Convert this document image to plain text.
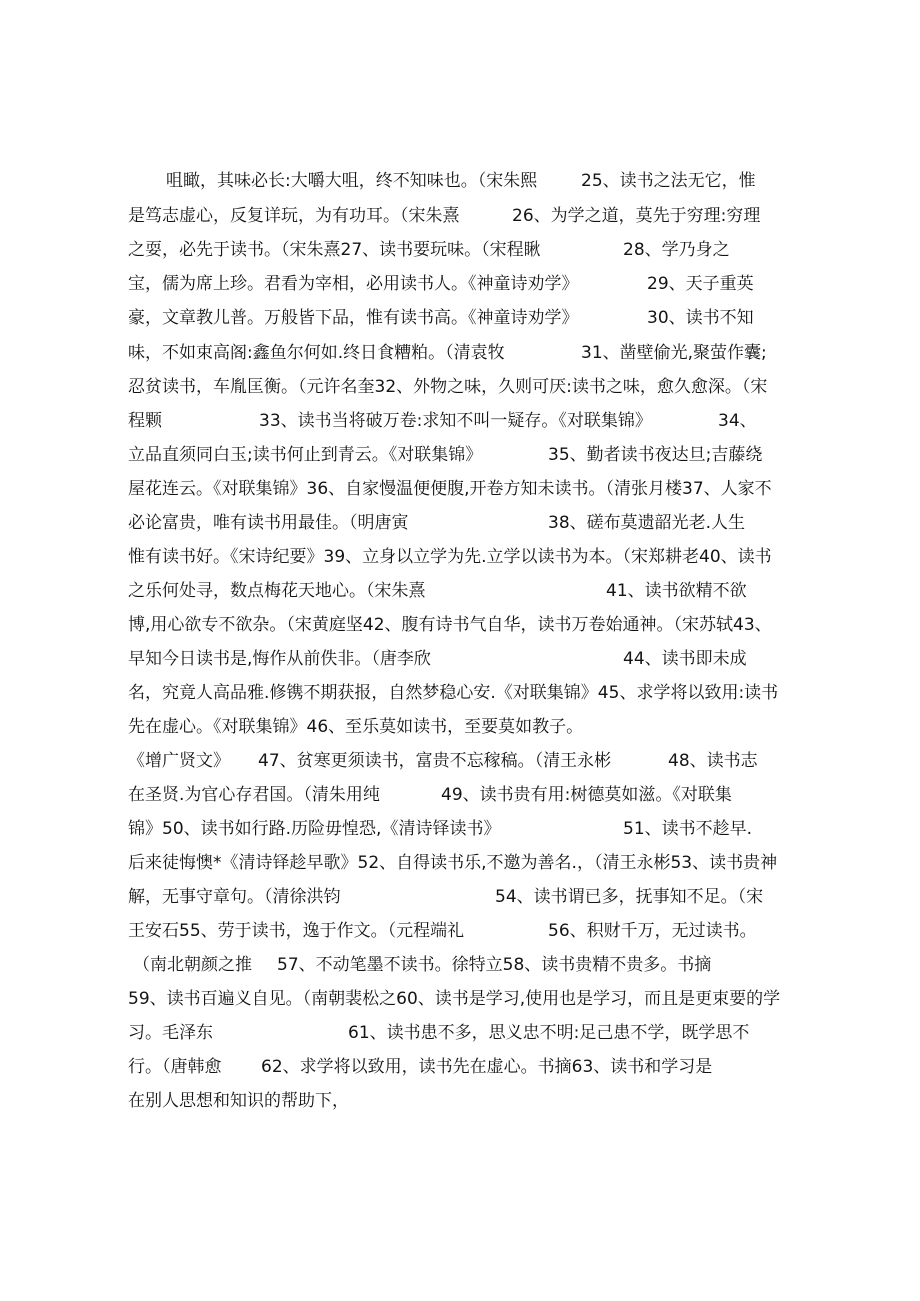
咀瞰，其味必长:大嚼大咀，终不知味也。（宋朱熙

	25、读书之法无它，惟

是笃志虚心，反复详玩，为有功耳。（宋朱熹

	26、为学之道，莫先于穷理:穷理

之耍，必先于读书。（宋朱熹27、读书要玩味。（宋程瞅

	28、学乃身之

宝，儒为席上珍。君看为宰相，必用读书人。《神童诗劝学》

	29、天子重英

豪，文章教儿普。万般皆下品，惟有读书高。《神童诗劝学》

	30、读书不知

味，不如束高阁:鑫鱼尔何如.终日食糟粕。（清袁牧

	31、凿壁偷光,聚萤作囊;

忍贫读书，车胤匡衡。（元许名奎32、外物之味，久则可厌:读书之味，愈久愈深。（宋

程颗

	33、读书当将破万卷:求知不叫一疑存。《对联集锦》

	34、

立品直须同白玉;读书何止到青云。《对联集锦》

	35、勤者读书夜达旦;吉藤绕

屋花连云。《对联集锦》36、自家慢温便便腹,开卷方知未读书。（清张月楼37、人家不

必论富贵，唯有读书用最佳。（明唐寅

	38、磋布莫遗韶光老.人生

惟有读书好。《宋诗纪要》39、立身以立学为先.立学以读书为本。（宋郑耕老40、读书

之乐何处寻，数点梅花天地心。（宋朱熹

	41、读书欲精不欲

博,用心欲专不欲杂。（宋黄庭坚42、腹有诗书气自华，读书万卷始通神。（宋苏轼43、

早知今日读书是,悔作从前佚非。（唐李欣

	44、读书即未成

名，究竟人高品雅.修镌不期获报，自然梦稳心安.《对联集锦》45、求学将以致用:读书

先在虚心。《对联集锦》46、至乐莫如读书，至要莫如教子。

《增广贤文》

47、贫寒更须读书，富贵不忘稼稿。（清王永彬

	48、读书志

在圣贤.为官心存君国。（清朱用纯

	49、读书贵有用:树德莫如滋。《对联集

锦》50、读书如行路.历险毋惶恐,《清诗铎读书》

	51、读书不趁早.

后来徒悔懊*《清诗铎趁早歌》52、自得读书乐,不邀为善名.，（清王永彬53、读书贵神

解，无事守章句。（清徐洪钧

	54、读书谓已多，抚事知不足。（宋

王安石55、劳于读书，逸于作文。（元程端礼

	56、积财千万，无过读书。

（南北朝颜之推

57、不动笔墨不读书。徐特立58、读书贵精不贵多。书摘

59、读书百遍义自见。（南朝裴松之60、读书是学习,使用也是学习，而且是更束要的学

习。毛泽东

	61、读书患不多，思义忠不明:足己患不学，既学思不

行。（唐韩愈

62、求学将以致用，读书先在虚心。书摘63、读书和学习是

在别人思想和知识的帮助下，
